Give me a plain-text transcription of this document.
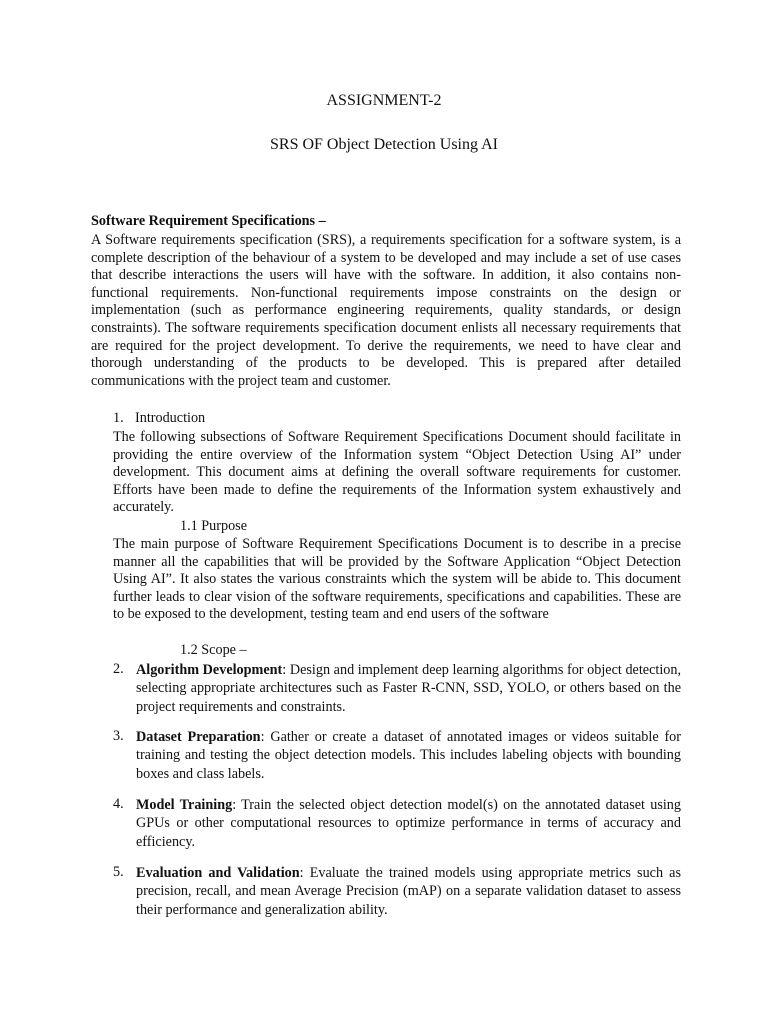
ASSIGNMENT-2
SRS OF Object Detection Using AI
Software Requirement Specifications –
A Software requirements specification (SRS), a requirements specification for a software system, is a complete description of the behaviour of a system to be developed and may include a set of use cases that describe interactions the users will have with the software. In addition, it also contains non-functional requirements. Non-functional requirements impose constraints on the design or implementation (such as performance engineering requirements, quality standards, or design constraints). The software requirements specification document enlists all necessary requirements that are required for the project development. To derive the requirements, we need to have clear and thorough understanding of the products to be developed. This is prepared after detailed communications with the project team and customer.
1. Introduction
The following subsections of Software Requirement Specifications Document should facilitate in providing the entire overview of the Information system “Object Detection Using AI” under development. This document aims at defining the overall software requirements for customer. Efforts have been made to define the requirements of the Information system exhaustively and accurately.
1.1 Purpose
The main purpose of Software Requirement Specifications Document is to describe in a precise manner all the capabilities that will be provided by the Software Application “Object Detection Using AI”. It also states the various constraints which the system will be abide to. This document further leads to clear vision of the software requirements, specifications and capabilities. These are to be exposed to the development, testing team and end users of the software
1.2 Scope –
2. Algorithm Development: Design and implement deep learning algorithms for object detection, selecting appropriate architectures such as Faster R-CNN, SSD, YOLO, or others based on the project requirements and constraints.
3. Dataset Preparation: Gather or create a dataset of annotated images or videos suitable for training and testing the object detection models. This includes labeling objects with bounding boxes and class labels.
4. Model Training: Train the selected object detection model(s) on the annotated dataset using GPUs or other computational resources to optimize performance in terms of accuracy and efficiency.
5. Evaluation and Validation: Evaluate the trained models using appropriate metrics such as precision, recall, and mean Average Precision (mAP) on a separate validation dataset to assess their performance and generalization ability.
